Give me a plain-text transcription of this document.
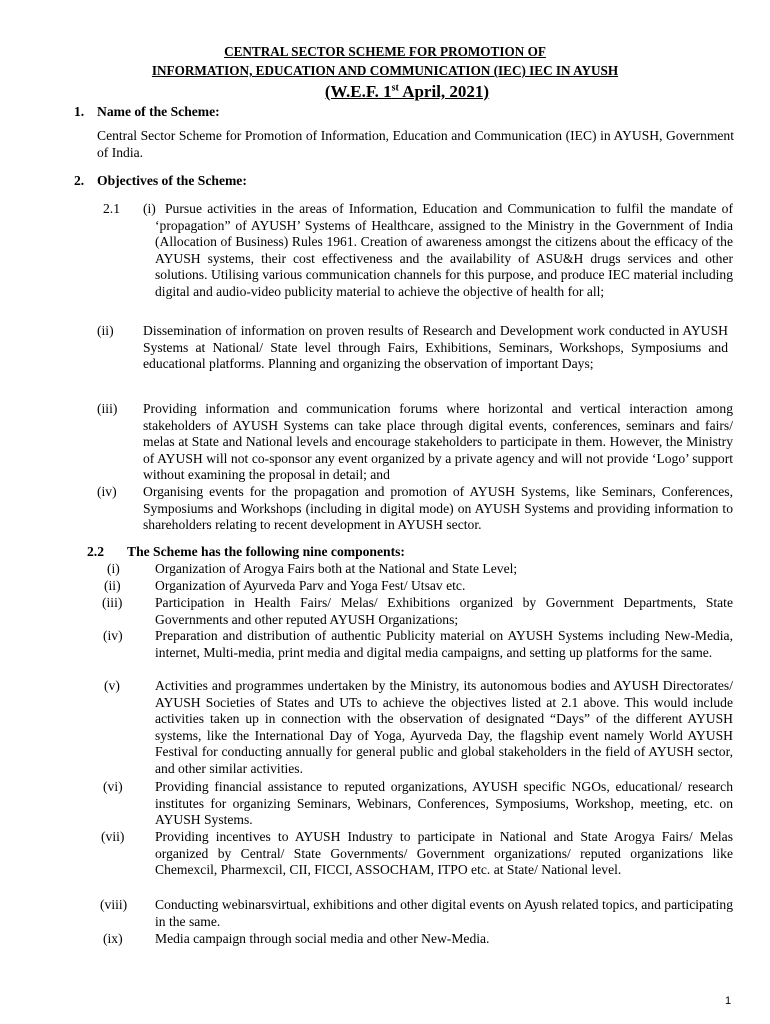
CENTRAL SECTOR SCHEME FOR PROMOTION OF
INFORMATION, EDUCATION AND COMMUNICATION (IEC) IEC IN AYUSH
(W.E.F. 1st April, 2021)
1. Name of the Scheme:
Central Sector Scheme for Promotion of Information, Education and Communication (IEC) in AYUSH, Government of India.
2. Objectives of the Scheme:
2.1 (i) Pursue activities in the areas of Information, Education and Communication to fulfil the mandate of ‘propagation” of AYUSH’ Systems of Healthcare, assigned to the Ministry in the Government of India (Allocation of Business) Rules 1961. Creation of awareness amongst the citizens about the efficacy of the AYUSH systems, their cost effectiveness and the availability of ASU&H drugs services and other solutions. Utilising various communication channels for this purpose, and produce IEC material including digital and audio-video publicity material to achieve the objective of health for all;
(ii) Dissemination of information on proven results of Research and Development work conducted in AYUSH Systems at National/ State level through Fairs, Exhibitions, Seminars, Workshops, Symposiums and educational platforms. Planning and organizing the observation of important Days;
(iii) Providing information and communication forums where horizontal and vertical interaction among stakeholders of AYUSH Systems can take place through digital events, conferences, seminars and fairs/ melas at State and National levels and encourage stakeholders to participate in them. However, the Ministry of AYUSH will not co-sponsor any event organized by a private agency and will not provide ‘Logo’ support without examining the proposal in detail; and
(iv) Organising events for the propagation and promotion of AYUSH Systems, like Seminars, Conferences, Symposiums and Workshops (including in digital mode) on AYUSH Systems and providing information to shareholders relating to recent development in AYUSH sector.
2.2 The Scheme has the following nine components:
(i)	Organization of Arogya Fairs both at the National and State Level;
(ii)	Organization of Ayurveda Parv and Yoga Fest/ Utsav etc.
(iii) Participation in Health Fairs/ Melas/ Exhibitions organized by Government Departments, State Governments and other reputed AYUSH Organizations;
(iv) Preparation and distribution of authentic Publicity material on AYUSH Systems including New-Media, internet, Multi-media, print media and digital media campaigns, and setting up platforms for the same.
(v)	Activities and programmes undertaken by the Ministry, its autonomous bodies and AYUSH Directorates/ AYUSH Societies of States and UTs to achieve the objectives listed at 2.1 above. This would include activities taken up in connection with the observation of designated “Days” of the different AYUSH systems, like the International Day of Yoga, Ayurveda Day, the flagship event namely World AYUSH Festival for conducting annually for general public and global stakeholders in the field of AYUSH sector, and other similar activities.
(vi) Providing financial assistance to reputed organizations, AYUSH specific NGOs, educational/ research institutes for organizing Seminars, Webinars, Conferences, Symposiums, Workshop, meeting, etc. on AYUSH Systems.
(vii) Providing incentives to AYUSH Industry to participate in National and State Arogya Fairs/ Melas organized by Central/ State Governments/ Government organizations/ reputed organizations like Chemexcil, Pharmexcil, CII, FICCI, ASSOCHAM, ITPO etc. at State/ National level.
(viii) Conducting webinarsvirtual, exhibitions and other digital events on Ayush related topics, and participating in the same.
(ix) Media campaign through social media and other New-Media.
1
